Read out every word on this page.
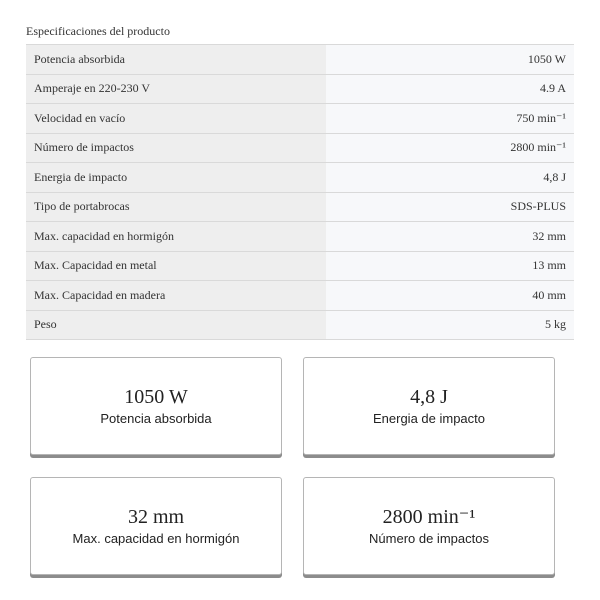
Especificaciones del producto
Potencia absorbida	1050 W
Amperaje en 220-230 V	4.9 A
Velocidad en vacío	750 min⁻¹
Número de impactos	2800 min⁻¹
Energia de impacto	4,8 J
Tipo de portabrocas	SDS-PLUS
Max. capacidad en hormigón	32 mm
Max. Capacidad en metal	13 mm
Max. Capacidad en madera	40 mm
Peso	5 kg
1050 W
Potencia absorbida
4,8 J
Energia de impacto
32 mm
Max. capacidad en hormigón
2800 min⁻¹
Número de impactos
